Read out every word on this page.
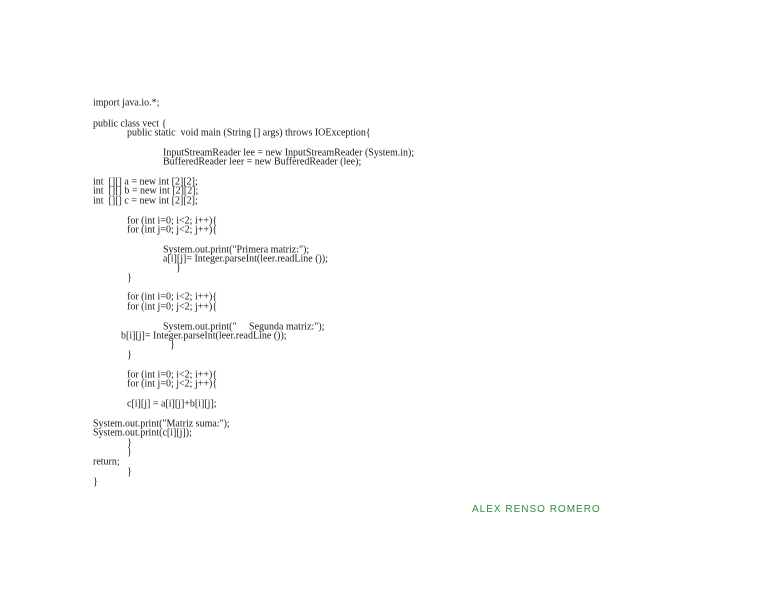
import java.io.*;
public class vect {
public static  void main (String [] args) throws IOException{
InputStreamReader lee = new InputStreamReader (System.in);
BufferedReader leer = new BufferedReader (lee);
int  [][] a = new int [2][2];
int  [][] b = new int [2][2];
int  [][] c = new int [2][2];
for (int i=0; i<2; i++){
for (int j=0; j<2; j++){
System.out.print("Primera matriz:");
a[i][j]= Integer.parseInt(leer.readLine ());
}
}
for (int i=0; i<2; i++){
for (int j=0; j<2; j++){
System.out.print("     Segunda matriz:");
b[i][j]= Integer.parseInt(leer.readLine ());
}
}
for (int i=0; i<2; i++){
for (int j=0; j<2; j++){
c[i][j] = a[i][j]+b[i][j];
System.out.print("Matriz suma:");
System.out.print(c[i][j]);
}
}
return;
}
}
ALEX RENSO ROMERO
